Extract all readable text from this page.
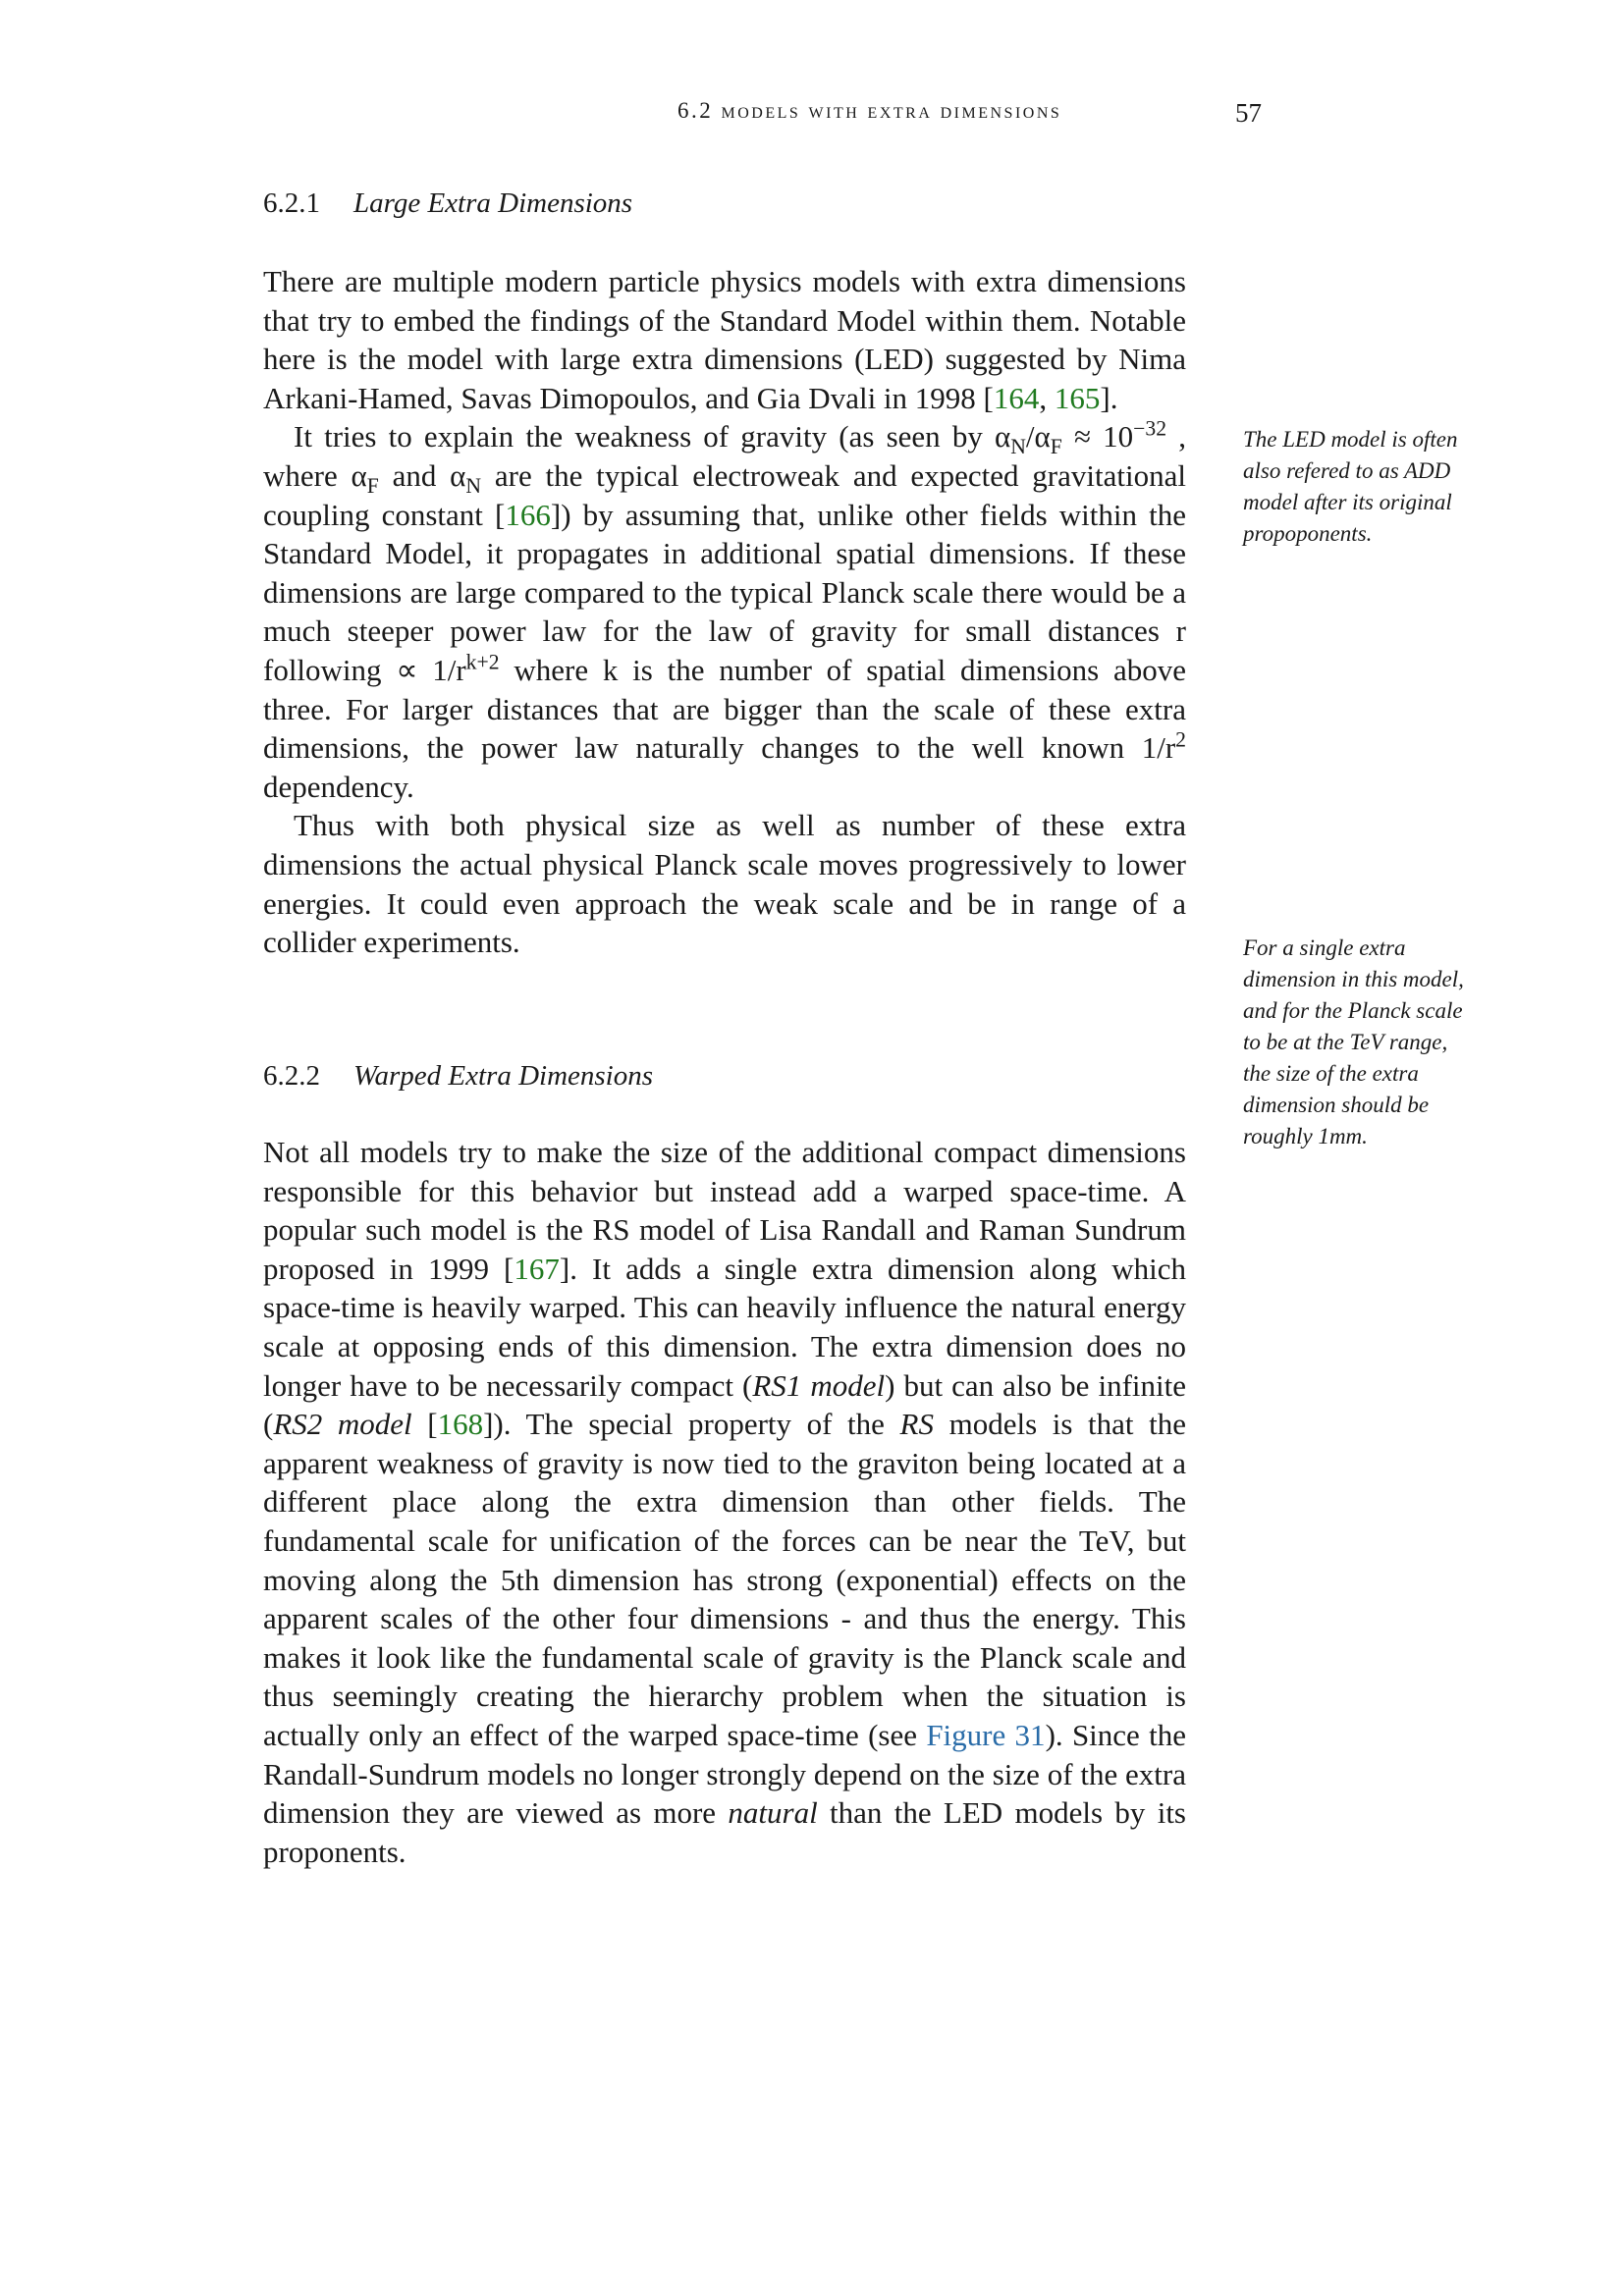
6.2 models with extra dimensions	57
6.2.1 Large Extra Dimensions

There are multiple modern particle physics models with extra dimensions that try to embed the findings of the Standard Model within them. Notable here is the model with large extra dimensions (LED) suggested by Nima Arkani-Hamed, Savas Dimopoulos, and Gia Dvali in 1998 [164, 165].

It tries to explain the weakness of gravity (as seen by $\alpha_N/\alpha_F \approx 10^{-32}$ , where $\alpha_F$ and $\alpha_N$ are the typical electroweak and expected gravitational coupling constant [166]) by assuming that, unlike other fields within the Standard Model, it propagates in additional spatial dimensions. If these dimensions are large compared to the typical Planck scale there would be a much steeper power law for the law of gravity for small distances r following ∝ $1/r^{k+2}$ where k is the number of spatial dimensions above three. For larger distances that are bigger than the scale of these extra dimensions, the power law naturally changes to the well known $1/r^2$ dependency.

Thus with both physical size as well as number of these extra dimensions the actual physical Planck scale moves progressively to lower energies. It could even approach the weak scale and be in range of a collider experiments.

6.2.2 Warped Extra Dimensions

Not all models try to make the size of the additional compact dimensions responsible for this behavior but instead add a warped space-time. A popular such model is the RS model of Lisa Randall and Raman Sundrum proposed in 1999 [167]. It adds a single extra dimension along which space-time is heavily warped. This can heavily influence the natural energy scale at opposing ends of this dimension. The extra dimension does no longer have to be necessarily compact (RS1 model) but can also be infinite (RS2 model [168]). The special property of the RS models is that the apparent weakness of gravity is now tied to the graviton being located at a different place along the extra dimension than other fields. The fundamental scale for unification of the forces can be near the TeV, but moving along the 5th dimension has strong (exponential) effects on the apparent scales of the other four dimensions - and thus the energy. This makes it look like the fundamental scale of gravity is the Planck scale and thus seemingly creating the hierarchy problem when the situation is actually only an effect of the warped space-time (see Figure 31). Since the Randall-Sundrum models no longer strongly depend on the size of the extra dimension they are viewed as more natural than the LED models by its proponents.

The LED model is often also refered to as ADD model after its original propoponents.
For a single extra dimension in this model, and for the Planck scale to be at the TeV range, the size of the extra dimension should be roughly 1mm.
